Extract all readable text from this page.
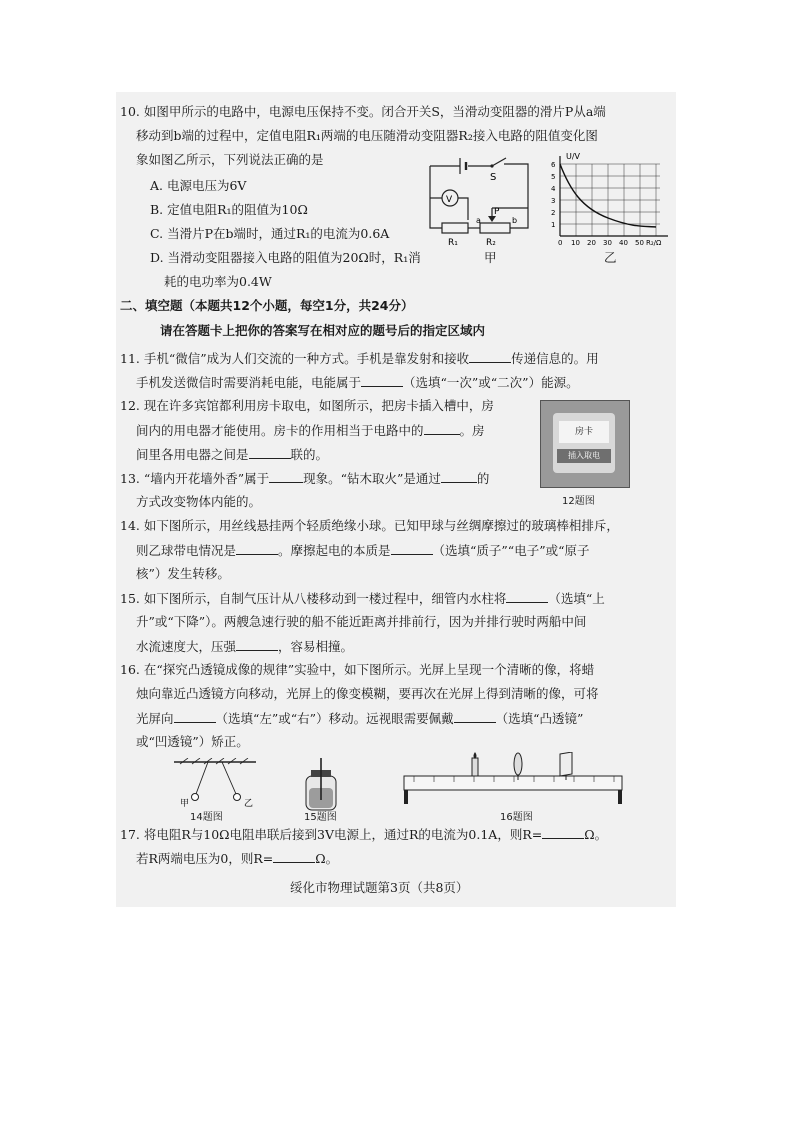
10. 如图甲所示的电路中，电源电压保持不变。闭合开关S，当滑动变阻器的滑片P从a端
移动到b端的过程中，定值电阻R₁两端的电压随滑动变阻器R₂接入电路的阻值变化图
象如图乙所示，下列说法正确的是
A. 电源电压为6V
B. 定值电阻R₁的阻值为10Ω
C. 当滑片P在b端时，通过R₁的电流为0.6A
D. 当滑动变阻器接入电路的阻值为20Ω时，R₁消
耗的电功率为0.4W
S
V
P
R₁	R₂
a	b
甲
U/V
6
5
4
3
2
1
0 10 20 30 40 50 R₂/Ω
乙
二、填空题（本题共12个小题，每空1分，共24分）
请在答题卡上把你的答案写在相对应的题号后的指定区域内
11. 手机“微信”成为人们交流的一种方式。手机是靠发射和接收	传递信息的。用
手机发送微信时需要消耗电能，电能属于	（选填“一次”或“二次”）能源。
12. 现在许多宾馆都利用房卡取电，如图所示，把房卡插入槽中，房
间内的用电器才能使用。房卡的作用相当于电路中的	。房
间里各用电器之间是	联的。
房卡
插入取电
12题图
13. “墙内开花墙外香”属于	现象。“钻木取火”是通过	的
方式改变物体内能的。
14. 如下图所示，用丝线悬挂两个轻质绝缘小球。已知甲球与丝绸摩擦过的玻璃棒相排斥，
则乙球带电情况是	。摩擦起电的本质是	（选填“质子”“电子”或“原子
核”）发生转移。
15. 如下图所示，自制气压计从八楼移动到一楼过程中，细管内水柱将	（选填“上
升”或“下降”）。两艘急速行驶的船不能近距离并排前行，因为并排行驶时两船中间
水流速度大，压强	，容易相撞。
16. 在“探究凸透镜成像的规律”实验中，如下图所示。光屏上呈现一个清晰的像，将蜡
烛向靠近凸透镜方向移动，光屏上的像变模糊，要再次在光屏上得到清晰的像，可将
光屏向	（选填“左”或“右”）移动。远视眼需要佩戴	（选填“凸透镜”
或“凹透镜”）矫正。
甲	乙
14题图	15题图	16题图
17. 将电阻R与10Ω电阻串联后接到3V电源上，通过R的电流为0.1A，则R=	Ω。
若R两端电压为0，则R=	Ω。
绥化市物理试题第3页（共8页）
